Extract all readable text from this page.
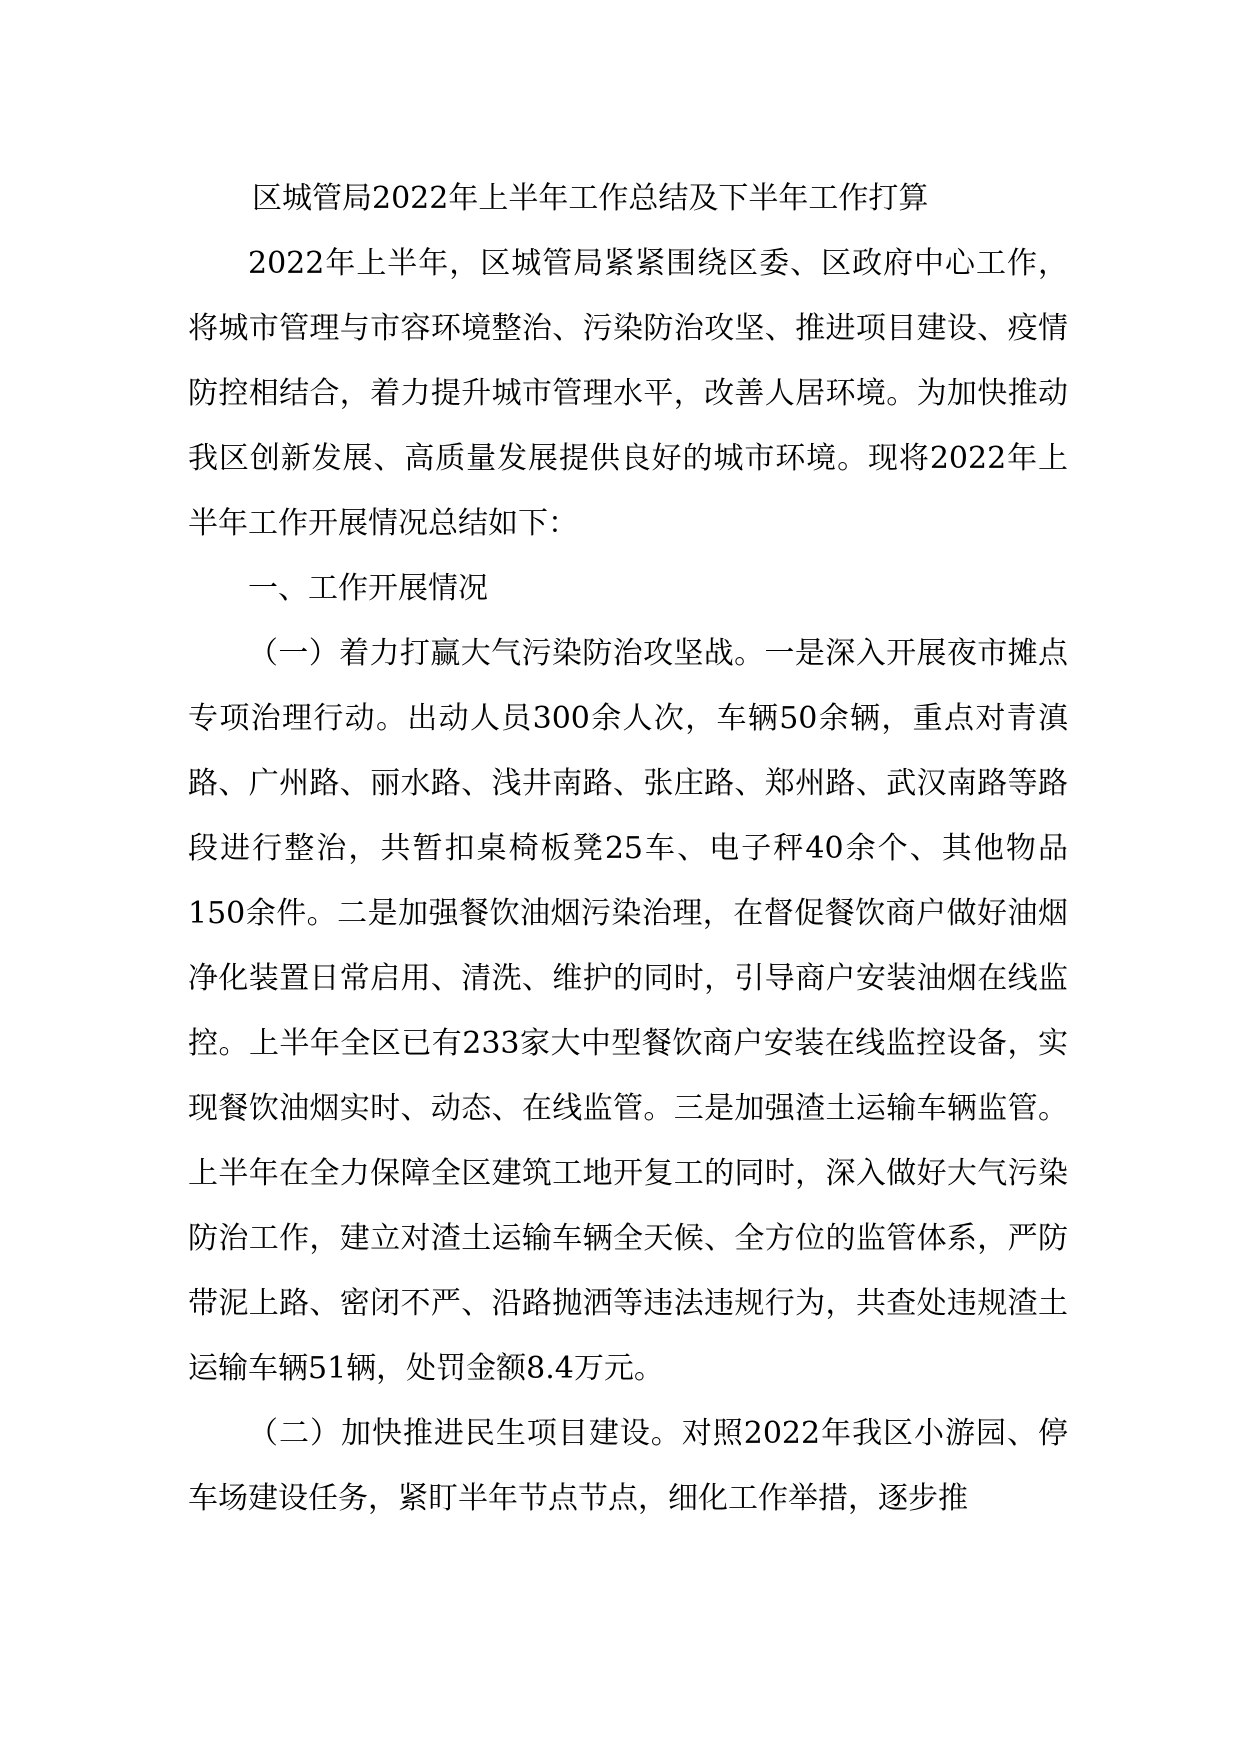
区城管局2022年上半年工作总结及下半年工作打算

2022年上半年，区城管局紧紧围绕区委、区政府中心工作，将城市管理与市容环境整治、污染防治攻坚、推进项目建设、疫情防控相结合，着力提升城市管理水平，改善人居环境。为加快推动我区创新发展、高质量发展提供良好的城市环境。现将2022年上半年工作开展情况总结如下：

一、工作开展情况

（一）着力打赢大气污染防治攻坚战。一是深入开展夜市摊点专项治理行动。出动人员300余人次，车辆50余辆，重点对青滇路、广州路、丽水路、浅井南路、张庄路、郑州路、武汉南路等路段进行整治，共暂扣桌椅板凳25车、电子秤40余个、其他物品150余件。二是加强餐饮油烟污染治理，在督促餐饮商户做好油烟净化装置日常启用、清洗、维护的同时，引导商户安装油烟在线监控。上半年全区已有233家大中型餐饮商户安装在线监控设备，实现餐饮油烟实时、动态、在线监管。三是加强渣土运输车辆监管。上半年在全力保障全区建筑工地开复工的同时，深入做好大气污染防治工作，建立对渣土运输车辆全天候、全方位的监管体系，严防带泥上路、密闭不严、沿路抛洒等违法违规行为，共查处违规渣土运输车辆51辆，处罚金额8.4万元。

（二）加快推进民生项目建设。对照2022年我区小游园、停车场建设任务，紧盯半年节点节点，细化工作举措，逐步推
